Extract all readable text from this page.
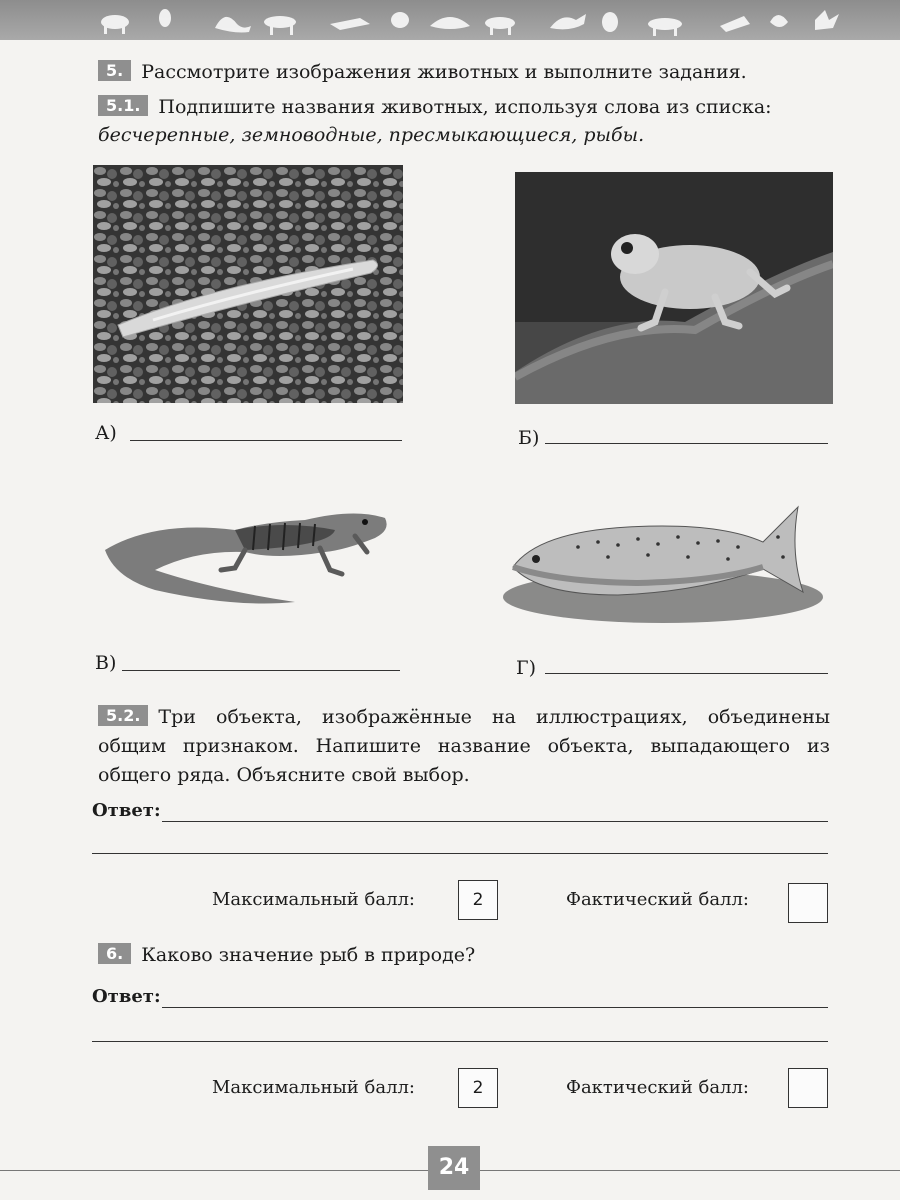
5. Рассмотрите изображения животных и выполните задания.
5.1. Подпишите названия животных, используя слова из списка:
бесчерепные, земноводные, пресмыкающиеся, рыбы.
А)	Б)
В)	Г)
5.2. Три объекта, изображённые на иллюстрациях, объединены общим признаком. Напишите название объекта, выпадающего из общего ряда. Объясните свой выбор.
Ответ:
Максимальный балл:	2	Фактический балл:
6. Каково значение рыб в природе?
Ответ:
Максимальный балл:	2	Фактический балл:
24
